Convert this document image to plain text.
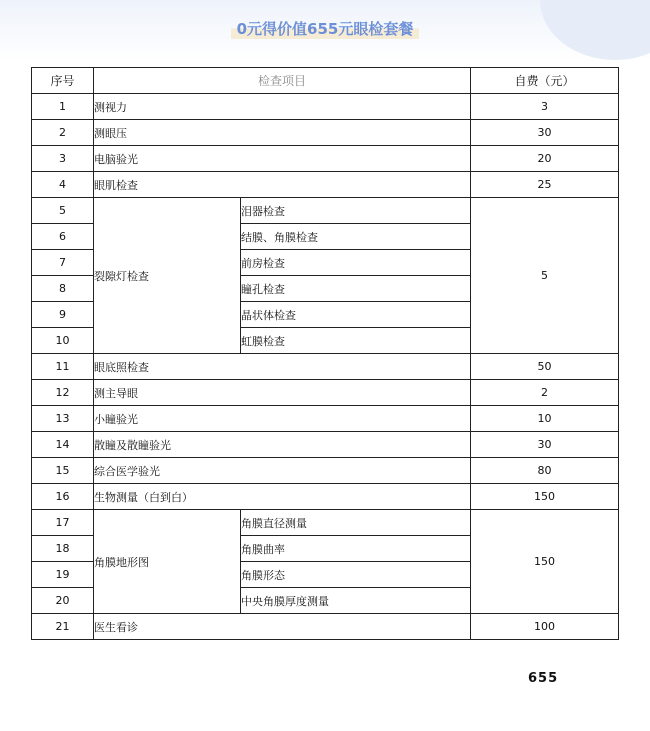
0元得价值655元眼检套餐
序号	检查项目		自费（元）
1	测视力		3
2	测眼压		30
3	电脑验光		20
4	眼肌检查		25
5	裂隙灯检查	泪器检查	5
6		结膜、角膜检查	
7		前房检查	
8		瞳孔检查	
9		晶状体检查	
10		虹膜检查	
11	眼底照检查		50
12	测主导眼		2
13	小瞳验光		10
14	散瞳及散瞳验光		30
15	综合医学验光		80
16	生物测量（白到白）		150
17	角膜地形图	角膜直径测量	150
18		角膜曲率	
19		角膜形态	
20		中央角膜厚度测量	
21	医生看诊		100
655
